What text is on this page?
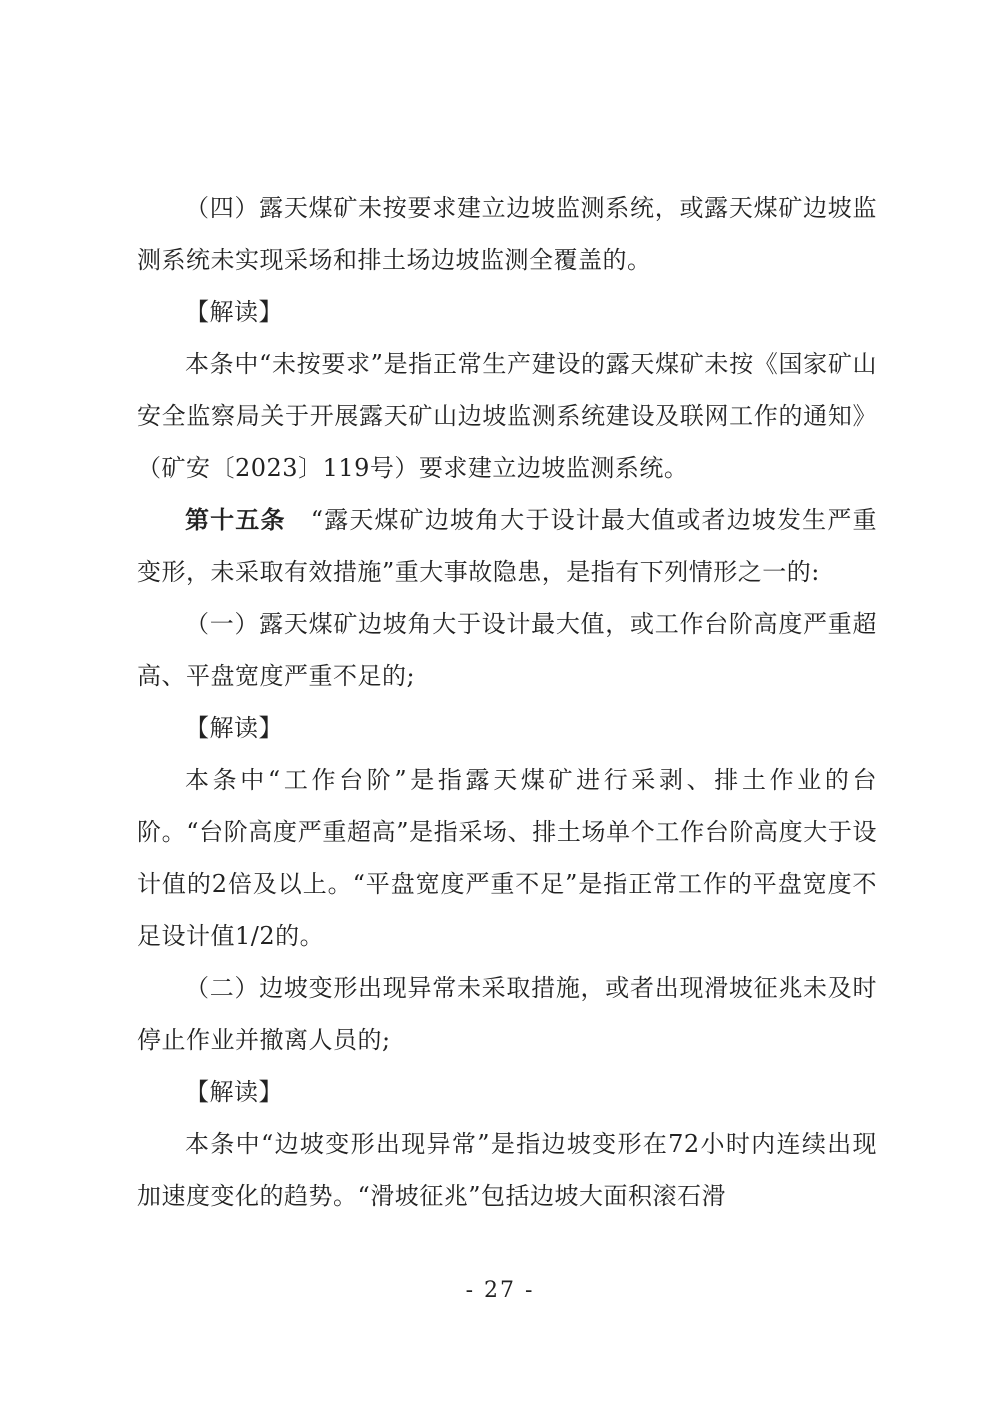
（四）露天煤矿未按要求建立边坡监测系统，或露天煤矿边坡监测系统未实现采场和排土场边坡监测全覆盖的。

【解读】

本条中“未按要求”是指正常生产建设的露天煤矿未按《国家矿山安全监察局关于开展露天矿山边坡监测系统建设及联网工作的通知》（矿安〔2023〕119号）要求建立边坡监测系统。

第十五条　 “露天煤矿边坡角大于设计最大值或者边坡发生严重变形，未采取有效措施”重大事故隐患，是指有下列情形之一的:

（一）露天煤矿边坡角大于设计最大值，或工作台阶高度严重超高、平盘宽度严重不足的;

【解读】

本条中“工作台阶”是指露天煤矿进行采剥、排土作业的台阶。“台阶高度严重超高”是指采场、排土场单个工作台阶高度大于设计值的2倍及以上。“平盘宽度严重不足”是指正常工作的平盘宽度不足设计值1/2的。

（二）边坡变形出现异常未采取措施，或者出现滑坡征兆未及时停止作业并撤离人员的;

【解读】

本条中“边坡变形出现异常”是指边坡变形在72小时内连续出现加速度变化的趋势。“滑坡征兆”包括边坡大面积滚石滑

- 27 -
